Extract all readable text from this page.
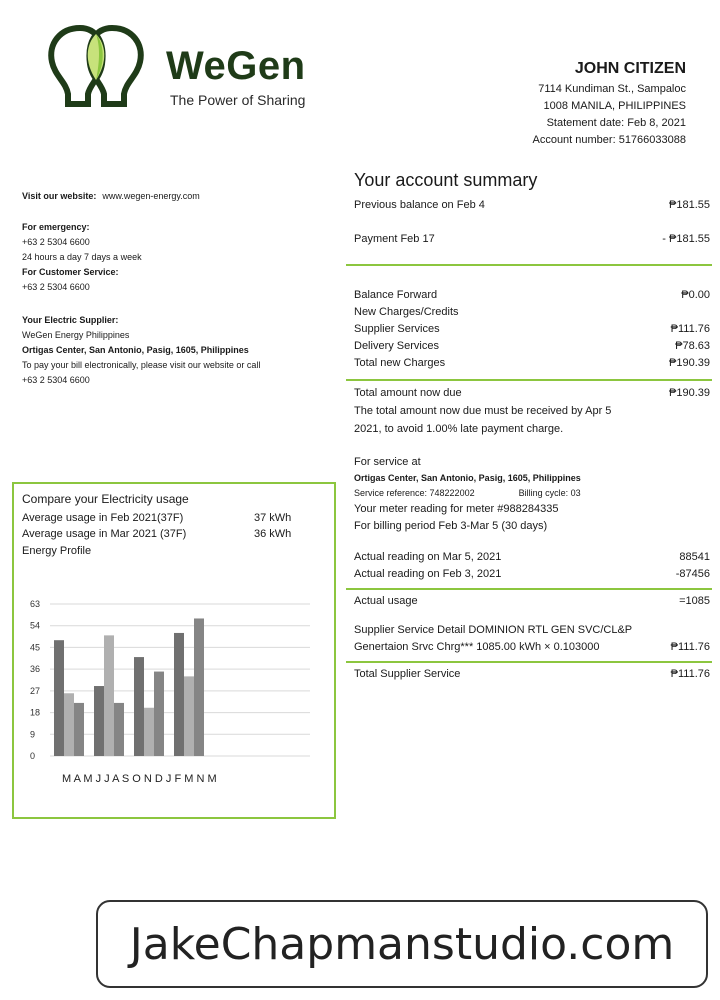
WeGen
The Power of Sharing
JOHN CITIZEN
7114 Kundiman St., Sampaloc
1008 MANILA, PHILIPPINES
Statement date: Feb 8, 2021
Account number: 51766033088
Visit our website: www.wegen-energy.com
For emergency:
+63 2 5304 6600
24 hours a day 7 days a week
For Customer Service:
+63 2 5304 6600
Your Electric Supplier:
WeGen Energy Philippines
Ortigas Center, San Antonio, Pasig, 1605, Philippines
To pay your bill electronically, please visit our website or call
+63 2 5304 6600
Your account summary
Previous balance on Feb 4	₱181.55
Payment Feb 17	- ₱181.55
Balance Forward	₱0.00
New Charges/Credits
Supplier Services	₱111.76
Delivery Services	₱78.63
Total new Charges	₱190.39
Total amount now due	₱190.39
The total amount now due must be received by Apr 5
2021, to avoid 1.00% late payment charge.
For service at
Ortigas Center, San Antonio, Pasig, 1605, Philippines
Service reference: 748222002	Billing cycle: 03
Your meter reading for meter #988284335
For billing period Feb 3-Mar 5 (30 days)
Actual reading on Mar 5, 2021	88541
Actual reading on Feb 3, 2021	-87456
Actual usage	=1085
Supplier Service Detail DOMINION RTL GEN SVC/CL&P
Genertaion Srvc Chrg*** 1085.00 kWh × 0.103000	₱111.76
Total Supplier Service	₱111.76
Compare your Electricity usage
Average usage in Feb 2021(37F)	37 kWh
Average usage in Mar 2021 (37F)	36 kWh
Energy Profile
0
9
18
27
36
45
54
63
M A M J J A S O N D J F M N M
JakeChapmanstudio.com
